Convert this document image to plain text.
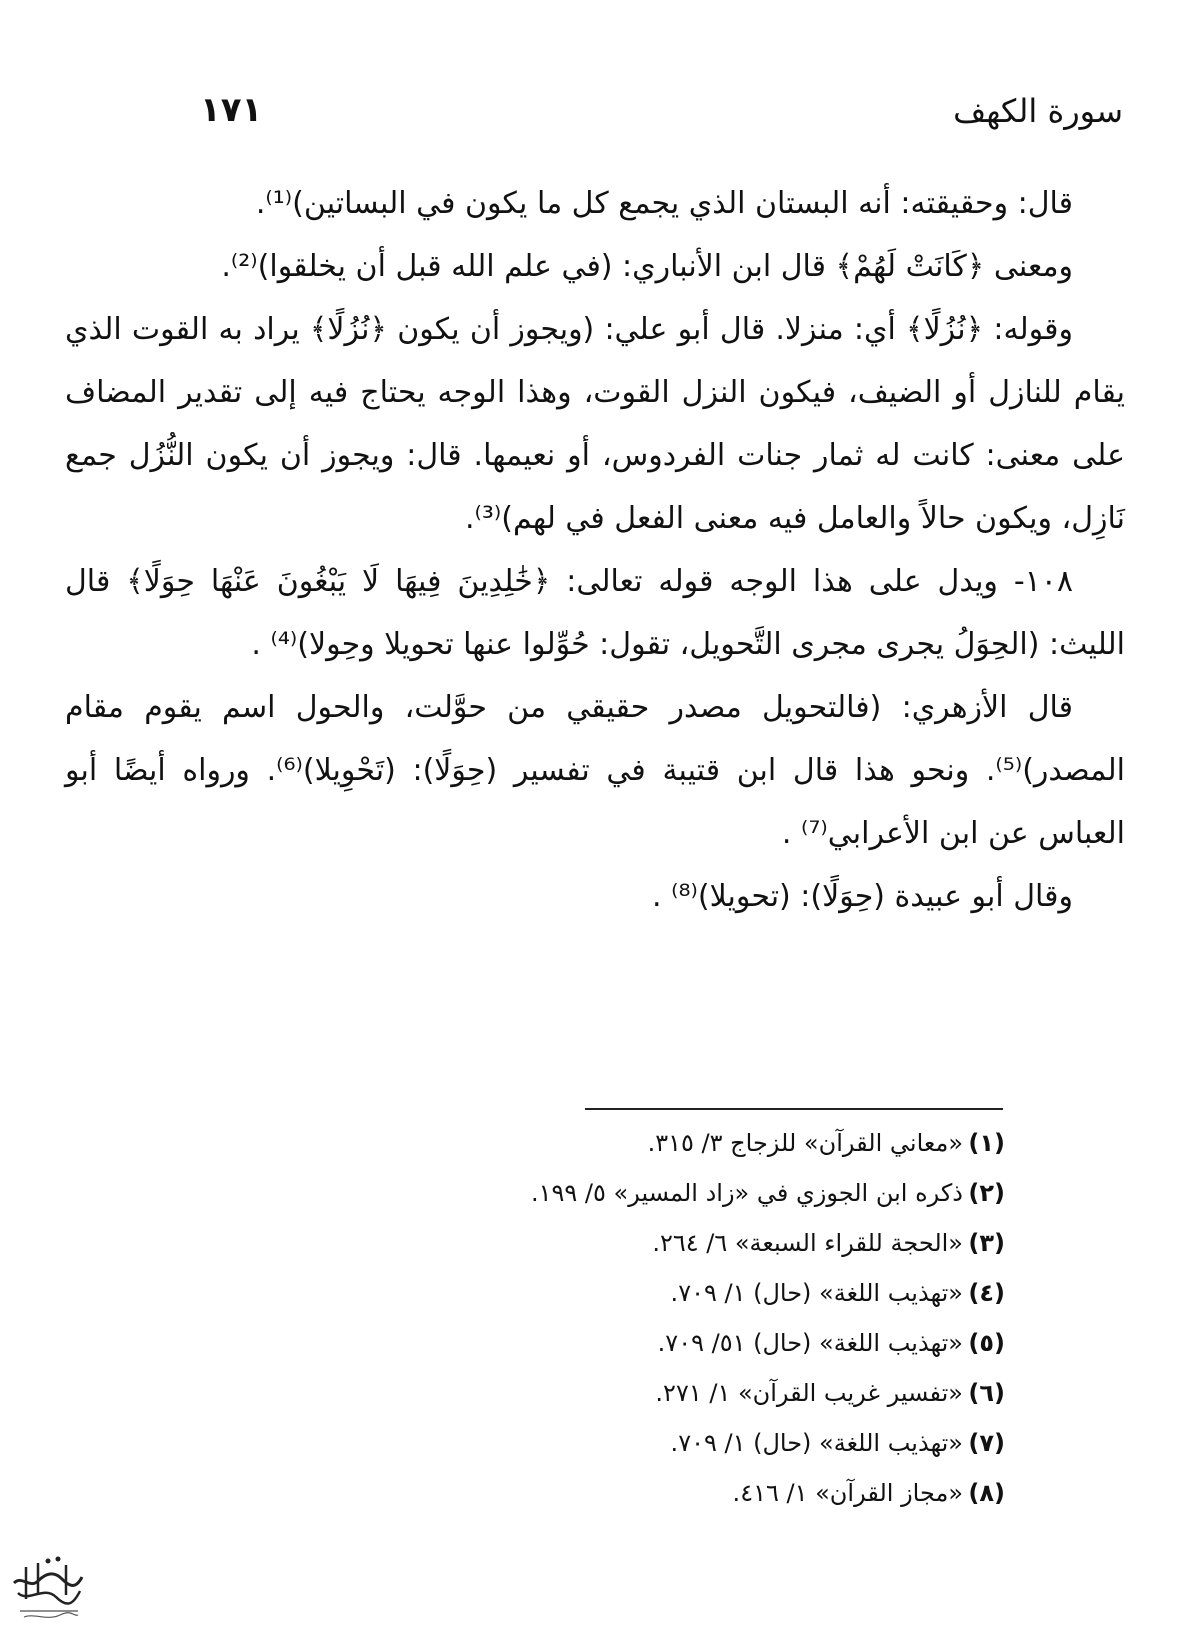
سورة الكهف
١٧١

قال: وحقيقته: أنه البستان الذي يجمع كل ما يكون في البساتين)⁽¹⁾.

ومعنى ﴿كَانَتْ لَهُمْ﴾ قال ابن الأنباري: (في علم الله قبل أن يخلقوا)⁽²⁾.

وقوله: ﴿نُزُلًا﴾ أي: منزلا. قال أبو علي: (ويجوز أن يكون ﴿نُزُلًا﴾ يراد به القوت الذي يقام للنازل أو الضيف، فيكون النزل القوت، وهذا الوجه يحتاج فيه إلى تقدير المضاف على معنى: كانت له ثمار جنات الفردوس، أو نعيمها. قال: ويجوز أن يكون النُّزُل جمع نَازِل، ويكون حالاً والعامل فيه معنى الفعل في لهم)⁽³⁾.

١٠٨- ويدل على هذا الوجه قوله تعالى: ﴿خَٰلِدِينَ فِيهَا لَا يَبْغُونَ عَنْهَا حِوَلًا﴾ قال الليث: (الحِوَلُ يجرى مجرى التَّحويل، تقول: حُوِّلوا عنها تحويلا وحِولا)⁽⁴⁾ .

قال الأزهري: (فالتحويل مصدر حقيقي من حوَّلت، والحول اسم يقوم مقام المصدر)⁽⁵⁾. ونحو هذا قال ابن قتيبة في تفسير (حِوَلًا): (تَحْوِيلا)⁽⁶⁾. ورواه أيضًا أبو العباس عن ابن الأعرابي⁽⁷⁾ .

وقال أبو عبيدة (حِوَلًا): (تحويلا)⁽⁸⁾ .

(١)«معاني القرآن» للزجاج ٣/ ٣١٥.
(٢)ذكره ابن الجوزي في «زاد المسير» ٥/ ١٩٩.
(٣)«الحجة للقراء السبعة» ٦/ ٢٦٤.
(٤)«تهذيب اللغة» (حال) ١/ ٧٠٩.
(٥)«تهذيب اللغة» (حال) ٥١/ ٧٠٩.
(٦)«تفسير غريب القرآن» ١/ ٢٧١.
(٧)«تهذيب اللغة» (حال) ١/ ٧٠٩.
(٨)«مجاز القرآن» ١/ ٤١٦.
